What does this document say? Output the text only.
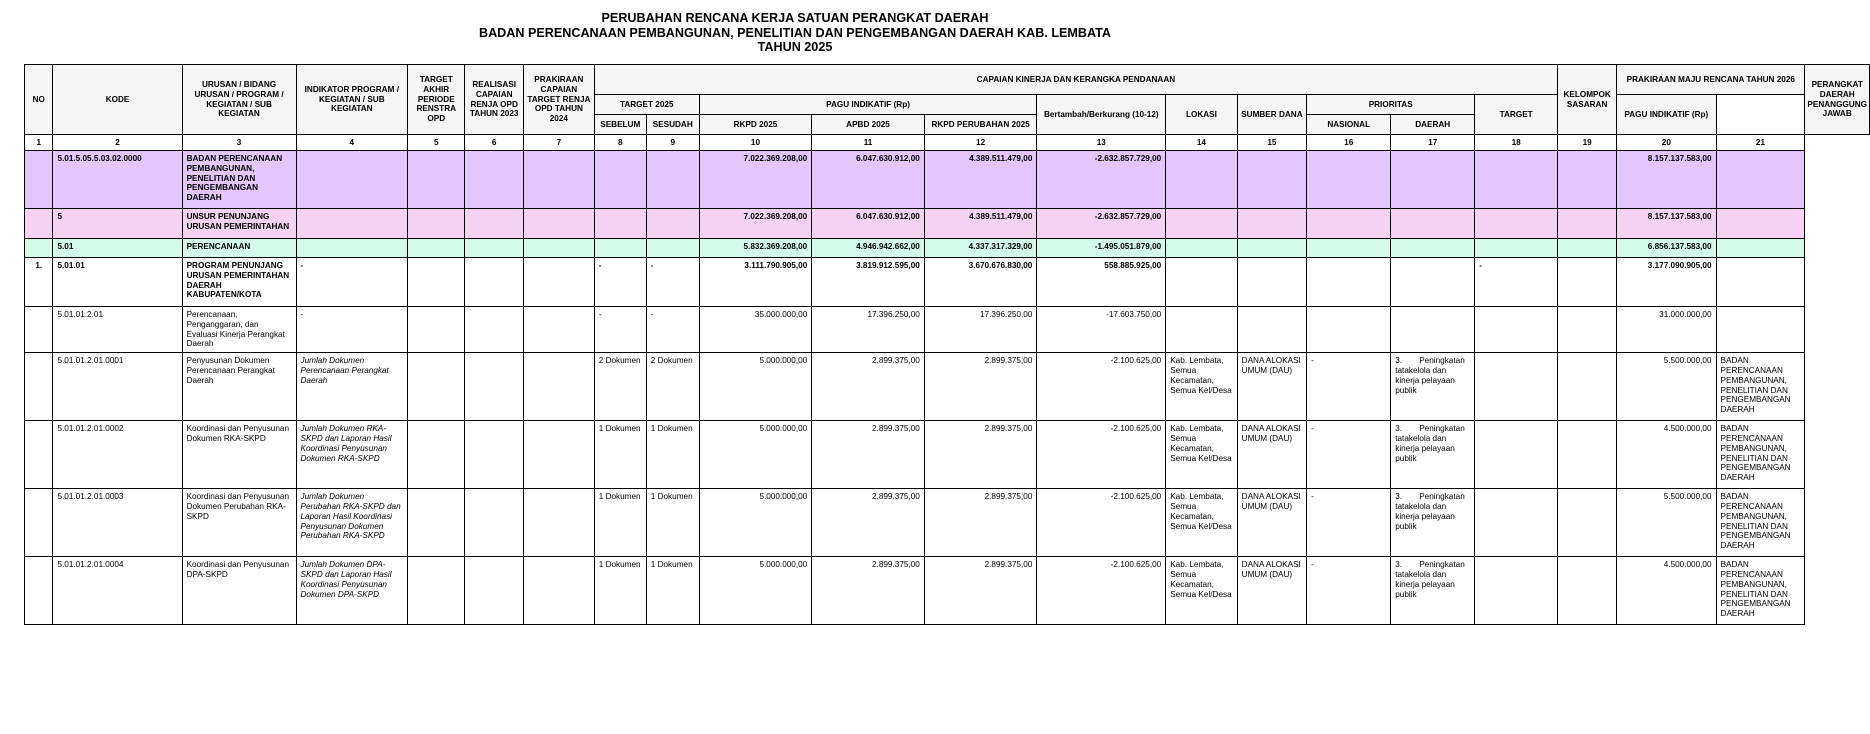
PERUBAHAN RENCANA KERJA SATUAN PERANGKAT DAERAH
BADAN PERENCANAAN PEMBANGUNAN, PENELITIAN DAN PENGEMBANGAN DAERAH KAB. LEMBATA
TAHUN 2025
NO	KODE	URUSAN / BIDANG URUSAN / PROGRAM / KEGIATAN / SUB KEGIATAN	INDIKATOR PROGRAM / KEGIATAN / SUB KEGIATAN	TARGET AKHIR PERIODE RENSTRA OPD	REALISASI CAPAIAN RENJA OPD TAHUN 2023	PRAKIRAAN CAPAIAN TARGET RENJA OPD TAHUN 2024	CAPAIAN KINERJA DAN KERANGKA PENDANAAN											KELOMPOK SASARAN	PRAKIRAAN MAJU RENCANA TAHUN 2026		PERANGKAT DAERAH PENANGGUNG JAWAB
							TARGET 2025		PAGU INDIKATIF (Rp)			Bertambah/Berkurang (10-12)	LOKASI	SUMBER DANA	PRIORITAS		TARGET		PAGU INDIKATIF (Rp)		
							SEBELUM	SESUDAH	RKPD 2025	APBD 2025	RKPD PERUBAHAN 2025				NASIONAL	DAERAH					
1	2	3	4	5	6	7	8	9	10	11	12	13	14	15	16	17	18	19	20	21	
	5.01.5.05.5.03.02.0000	BADAN PERENCANAAN PEMBANGUNAN, PENELITIAN DAN PENGEMBANGAN DAERAH							7.022.369.208,00	6.047.630.912,00	4.389.511.479,00	-2.632.857.729,00							8.157.137.583,00		
	5	UNSUR PENUNJANG URUSAN PEMERINTAHAN							7.022.369.208,00	6.047.630.912,00	4.389.511.479,00	-2.632.857.729,00							8.157.137.583,00		
	5.01	PERENCANAAN							5.832.369.208,00	4.946.942.662,00	4.337.317.329,00	-1.495.051.879,00							6.856.137.583,00		
1.	5.01.01	PROGRAM PENUNJANG URUSAN PEMERINTAHAN DAERAH KABUPATEN/KOTA	-				-	-	3.111.790.905,00	3.819.912.595,00	3.670.676.830,00	558.885.925,00					-		3.177.090.905,00		
	5.01.01.2.01	Perencanaan, Penganggaran, dan Evaluasi Kinerja Perangkat Daerah	-				-	-	35.000.000,00	17.396.250,00	17.396.250,00	-17.603.750,00							31.000.000,00		
	5.01.01.2.01.0001	Penyusunan Dokumen Perencanaan Perangkat Daerah	Jumlah Dokumen Perencanaan Perangkat Daerah				2 Dokumen	2 Dokumen	5.000.000,00	2.899.375,00	2.899.375,00	-2.100.625,00	Kab. Lembata, Semua Kecamatan, Semua Kel/Desa	DANA ALOKASI UMUM (DAU)	-	3. Peningkatan tatakelola dan kinerja pelayaan publik			5.500.000,00	BADAN PERENCANAAN PEMBANGUNAN, PENELITIAN DAN PENGEMBANGAN DAERAH	
	5.01.01.2.01.0002	Koordinasi dan Penyusunan Dokumen RKA-SKPD	Jumlah Dokumen RKA-SKPD dan Laporan Hasil Koordinasi Penyusunan Dokumen RKA-SKPD				1 Dokumen	1 Dokumen	5.000.000,00	2.899.375,00	2.899.375,00	-2.100.625,00	Kab. Lembata, Semua Kecamatan, Semua Kel/Desa	DANA ALOKASI UMUM (DAU)	-	3. Peningkatan tatakelola dan kinerja pelayaan publik			4.500.000,00	BADAN PERENCANAAN PEMBANGUNAN, PENELITIAN DAN PENGEMBANGAN DAERAH	
	5.01.01.2.01.0003	Koordinasi dan Penyusunan Dokumen Perubahan RKA-SKPD	Jumlah Dokumen Perubahan RKA-SKPD dan Laporan Hasil Koordinasi Penyusunan Dokumen Perubahan RKA-SKPD				1 Dokumen	1 Dokumen	5.000.000,00	2.899.375,00	2.899.375,00	-2.100.625,00	Kab. Lembata, Semua Kecamatan, Semua Kel/Desa	DANA ALOKASI UMUM (DAU)	-	3. Peningkatan tatakelola dan kinerja pelayaan publik			5.500.000,00	BADAN PERENCANAAN PEMBANGUNAN, PENELITIAN DAN PENGEMBANGAN DAERAH	
	5.01.01.2.01.0004	Koordinasi dan Penyusunan DPA-SKPD	Jumlah Dokumen DPA-SKPD dan Laporan Hasil Koordinasi Penyusunan Dokumen DPA-SKPD				1 Dokumen	1 Dokumen	5.000.000,00	2.899.375,00	2.899.375,00	-2.100.625,00	Kab. Lembata, Semua Kecamatan, Semua Kel/Desa	DANA ALOKASI UMUM (DAU)	-	3. Peningkatan tatakelola dan kinerja pelayaan publik			4.500.000,00	BADAN PERENCANAAN PEMBANGUNAN, PENELITIAN DAN PENGEMBANGAN DAERAH	
